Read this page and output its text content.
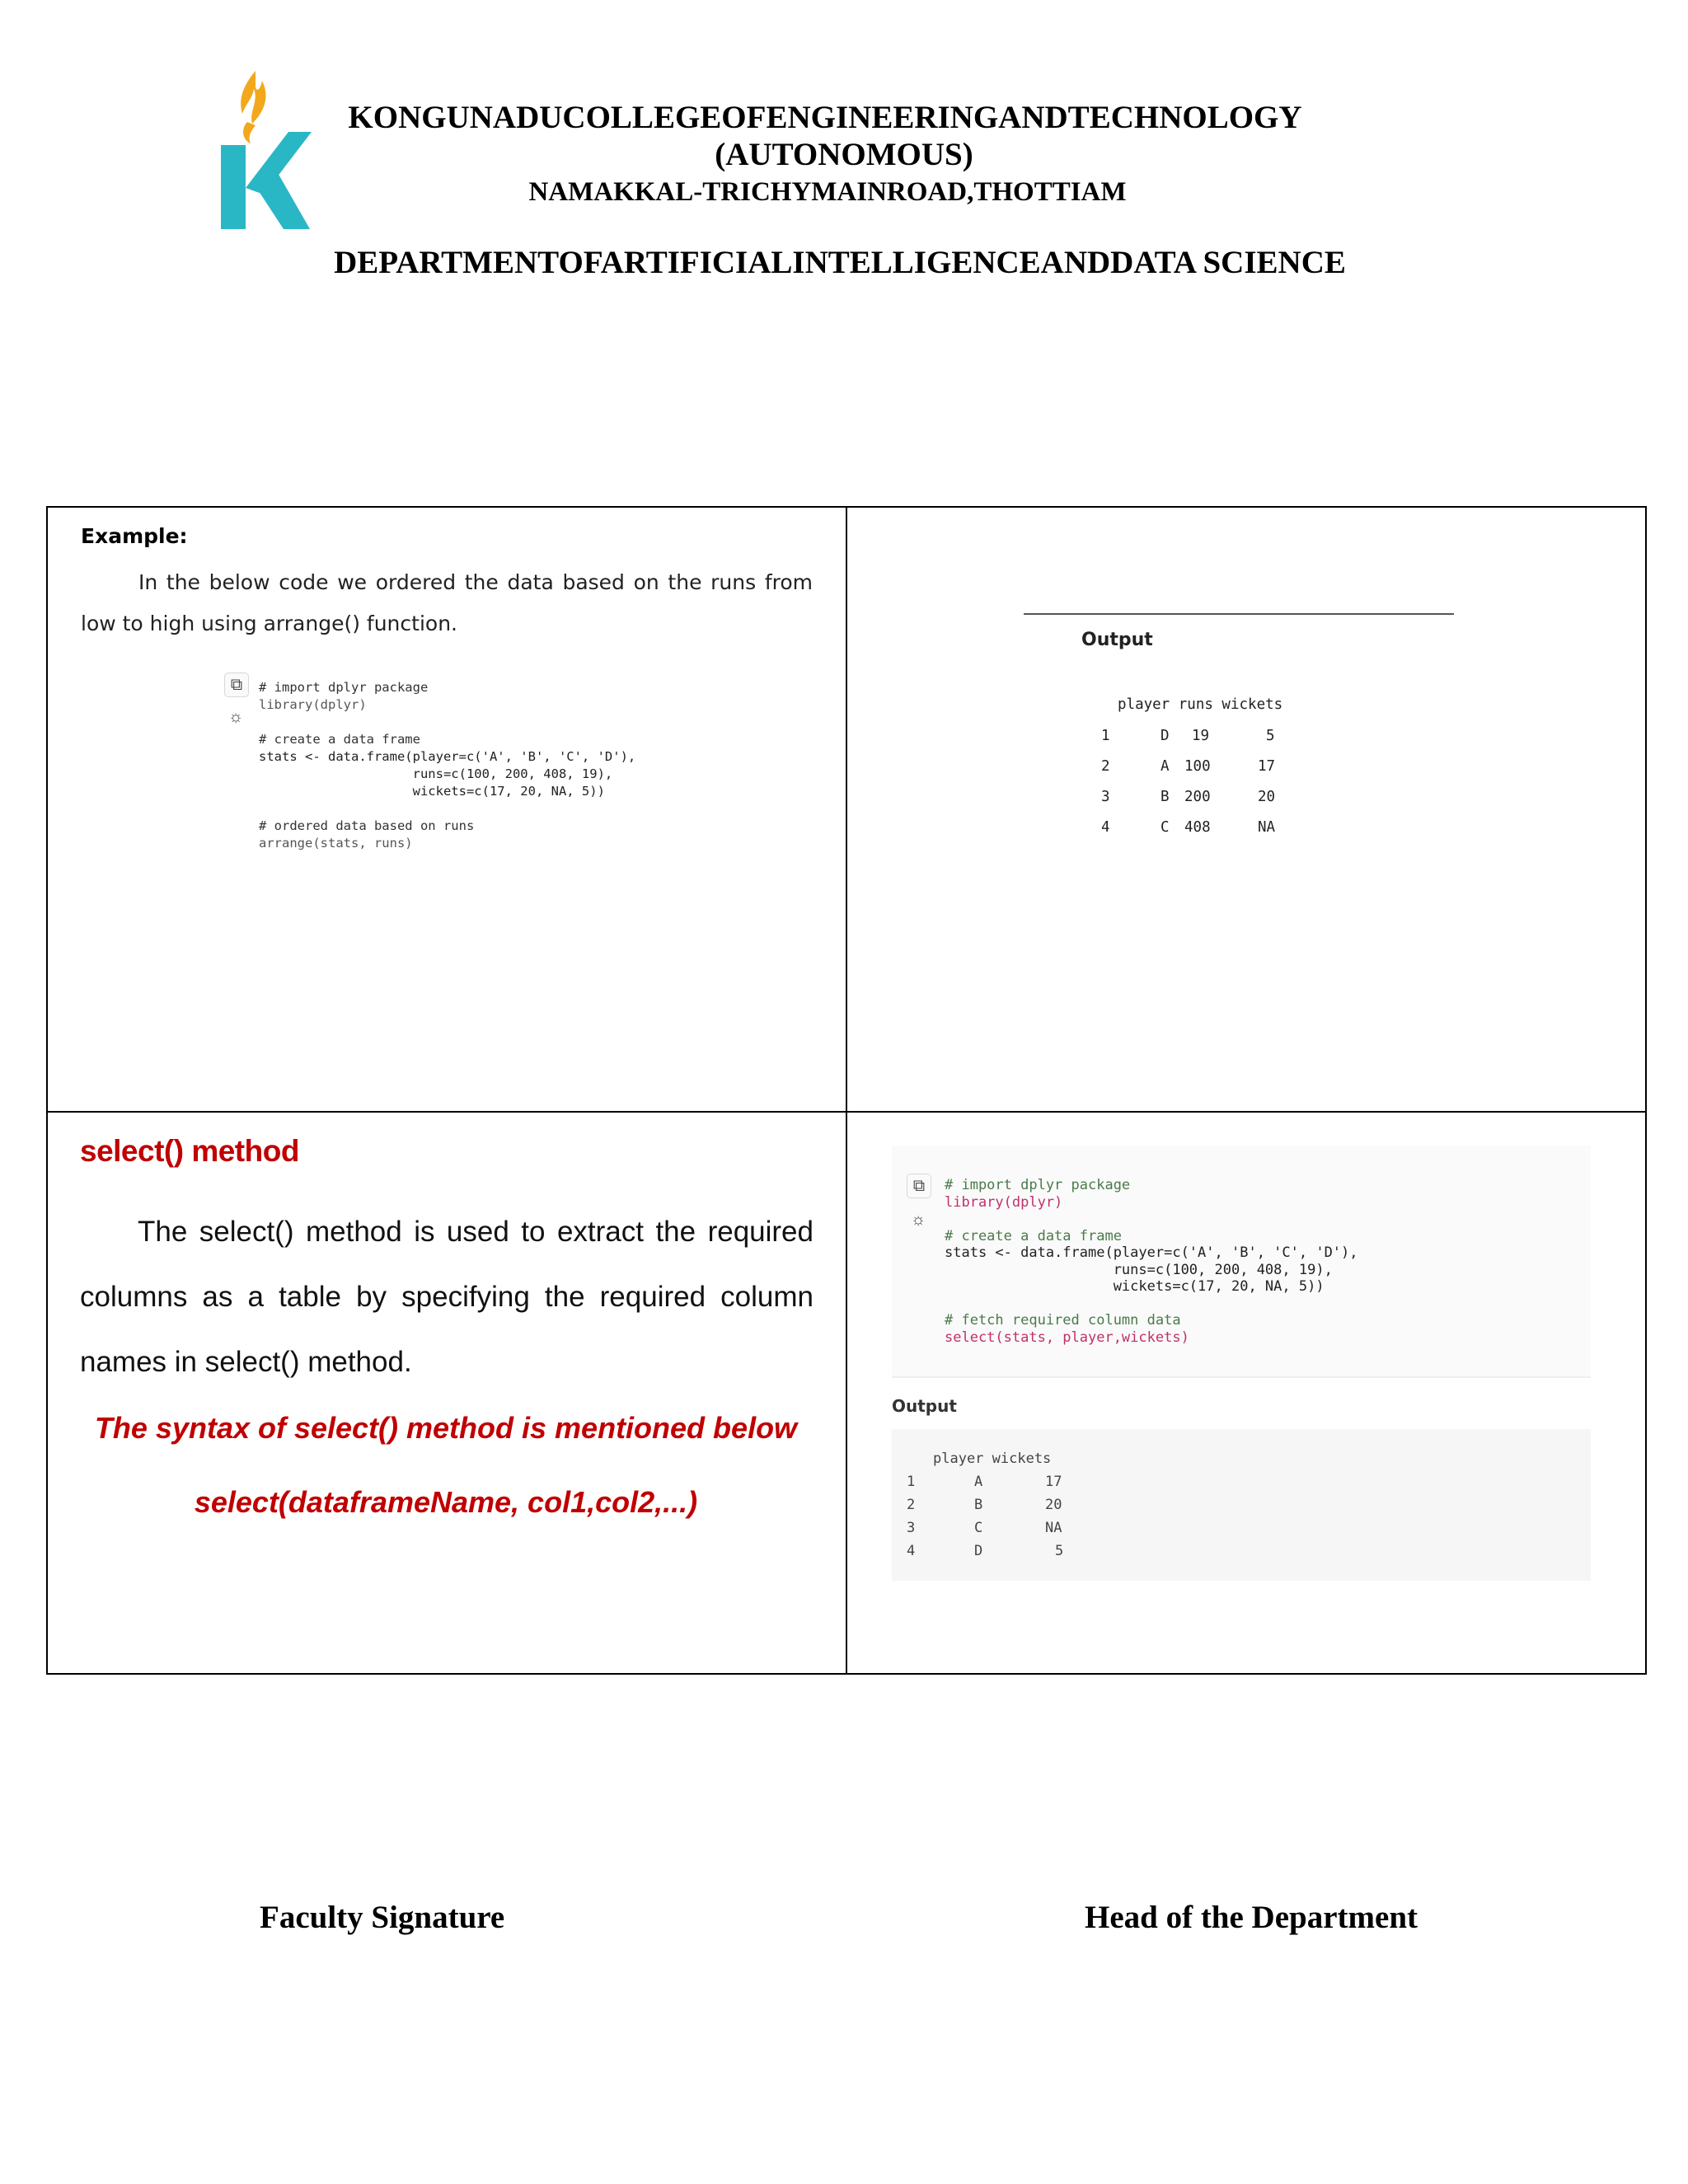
KONGUNADUCOLLEGEOFENGINEERINGANDTECHNOLOGY
(AUTONOMOUS)
NAMAKKAL-TRICHYMAINROAD,THOTTIAM
DEPARTMENTOFARTIFICIALINTELLIGENCEANDDATA SCIENCE
Example:
In the below code we ordered the data based on the runs from low to high using arrange() function.
⧉
☼
# import dplyr package
library(dplyr)

# create a data frame
stats <- data.frame(player=c('A', 'B', 'C', 'D'),
runs=c(100, 200, 408, 19),
wickets=c(17, 20, NA, 5))

# ordered data based on runs
arrange(stats, runs)
Output
player runs wickets
1	D 19	5
2	A 100	17
3	B 200	20
4	C 408	NA
select() method
The select() method is used to extract the required columns as a table by specifying the required column names in select() method.
The syntax of select() method is mentioned below
select(dataframeName, col1,col2,...)
⧉
☼
# import dplyr package
library(dplyr)

# create a data frame
stats <- data.frame(player=c('A', 'B', 'C', 'D'),
runs=c(100, 200, 408, 19),
wickets=c(17, 20, NA, 5))

# fetch required column data
select(stats, player,wickets)
Output
player wickets
1	A	17
2	B	20
3	C	NA
4	D	5
Faculty Signature	Head of the Department
